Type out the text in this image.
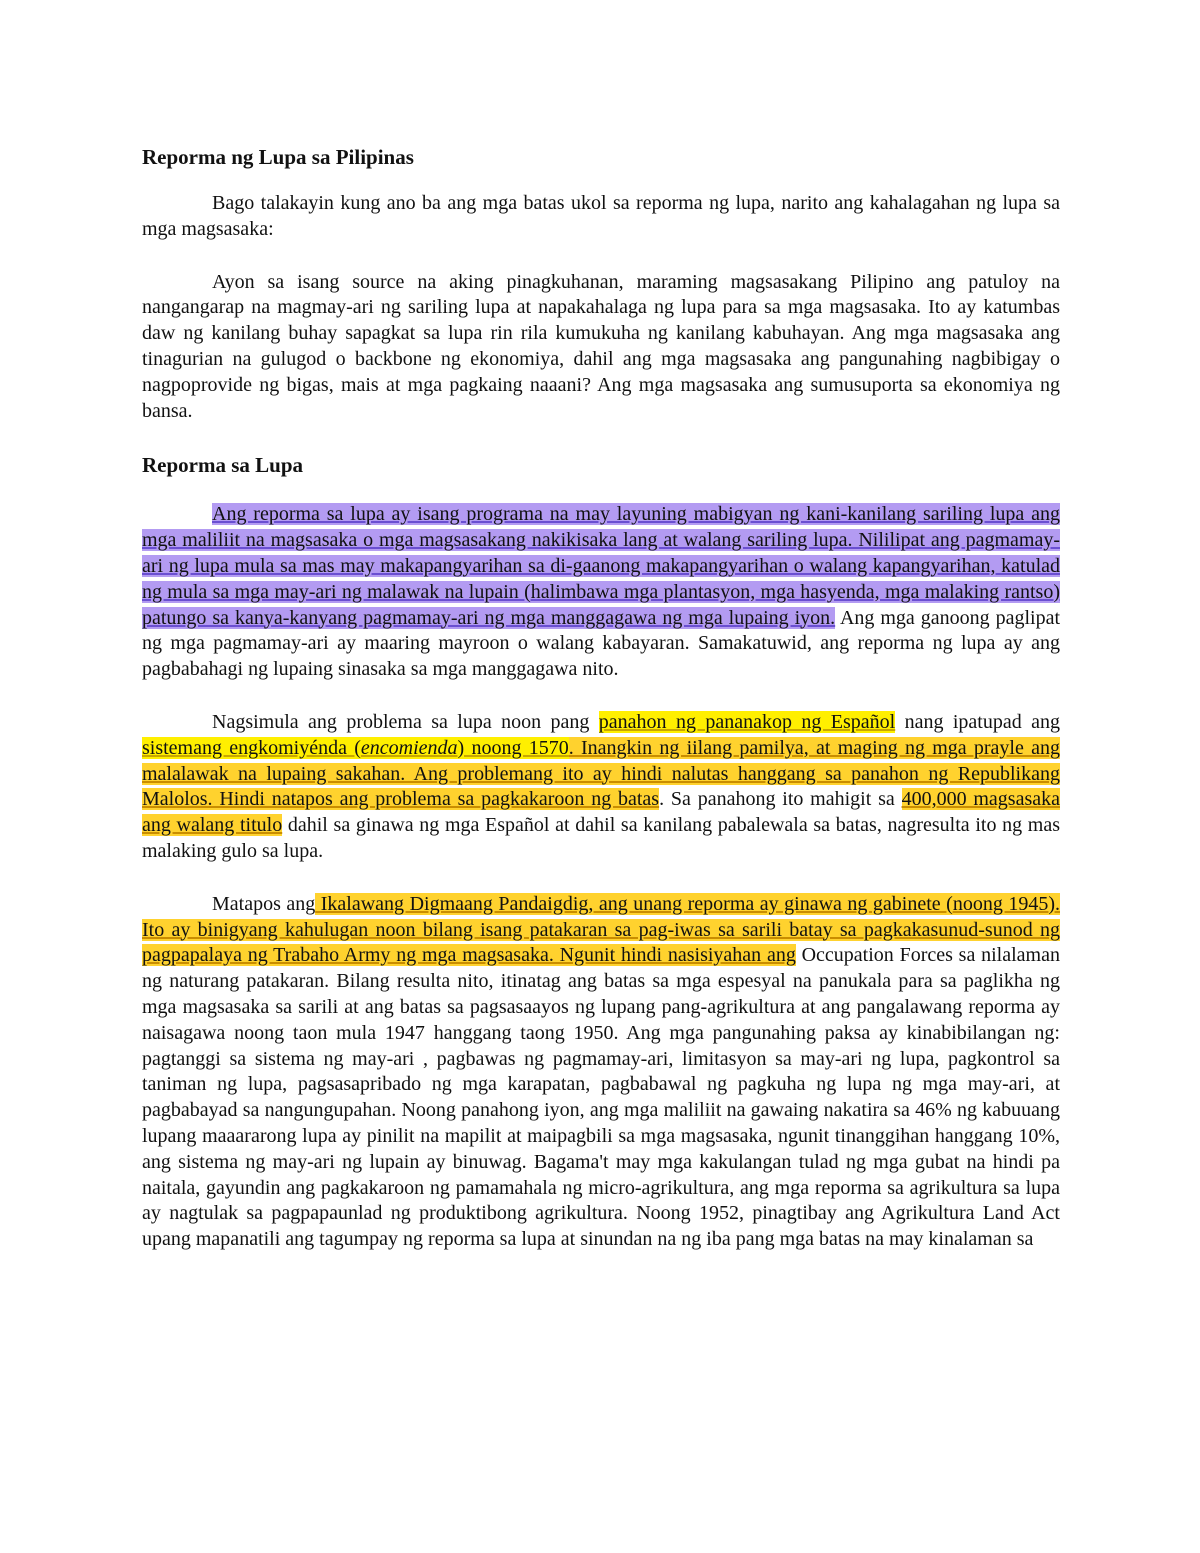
Reporma ng Lupa sa Pilipinas

Bago talakayin kung ano ba ang mga batas ukol sa reporma ng lupa, narito ang kahalagahan ng lupa sa mga magsasaka:

Ayon sa isang source na aking pinagkuhanan, maraming magsasakang Pilipino ang patuloy na nangangarap na magmay-ari ng sariling lupa at napakahalaga ng lupa para sa mga magsasaka. Ito ay katumbas daw ng kanilang buhay sapagkat sa lupa rin rila kumukuha ng kanilang kabuhayan. Ang mga magsasaka ang tinagurian na gulugod o backbone ng ekonomiya, dahil ang mga magsasaka ang pangunahing nagbibigay o nagpoprovide ng bigas, mais at mga pagkaing naaani? Ang mga magsasaka ang sumusuporta sa ekonomiya ng bansa.

Reporma sa Lupa

Ang reporma sa lupa ay isang programa na may layuning mabigyan ng kani-kanilang sariling lupa ang mga maliliit na magsasaka o mga magsasakang nakikisaka lang at walang sariling lupa. Nililipat ang pagmamay-ari ng lupa mula sa mas may makapangyarihan sa di-gaanong makapangyarihan o walang kapangyarihan, katulad ng mula sa mga may-ari ng malawak na lupain (halimbawa mga plantasyon, mga hasyenda, mga malaking rantso) patungo sa kanya-kanyang pagmamay-ari ng mga manggagawa ng mga lupaing iyon. Ang mga ganoong paglipat ng mga pagmamay-ari ay maaring mayroon o walang kabayaran. Samakatuwid, ang reporma ng lupa ay ang pagbabahagi ng lupaing sinasaka sa mga manggagawa nito.

Nagsimula ang problema sa lupa noon pang panahon ng pananakop ng Español nang ipatupad ang sistemang engkomiyénda (encomienda) noong 1570. Inangkin ng iilang pamilya, at maging ng mga prayle ang malalawak na lupaing sakahan. Ang problemang ito ay hindi nalutas hanggang sa panahon ng Republikang Malolos. Hindi natapos ang problema sa pagkakaroon ng batas. Sa panahong ito mahigit sa 400,000 magsasaka ang walang titulo dahil sa ginawa ng mga Español at dahil sa kanilang pabalewala sa batas, nagresulta ito ng mas malaking gulo sa lupa.

Matapos ang Ikalawang Digmaang Pandaigdig, ang unang reporma ay ginawa ng gabinete (noong 1945). Ito ay binigyang kahulugan noon bilang isang patakaran sa pag-iwas sa sarili batay sa pagkakasunud-sunod ng pagpapalaya ng Trabaho Army ng mga magsasaka. Ngunit hindi nasisiyahan ang Occupation Forces sa nilalaman ng naturang patakaran. Bilang resulta nito, itinatag ang batas sa mga espesyal na panukala para sa paglikha ng mga magsasaka sa sarili at ang batas sa pagsasaayos ng lupang pang-agrikultura at ang pangalawang reporma ay naisagawa noong taon mula 1947 hanggang taong 1950. Ang mga pangunahing paksa ay kinabibilangan ng: pagtanggi sa sistema ng may-ari , pagbawas ng pagmamay-ari, limitasyon sa may-ari ng lupa, pagkontrol sa taniman ng lupa, pagsasapribado ng mga karapatan, pagbabawal ng pagkuha ng lupa ng mga may-ari, at pagbabayad sa nangungupahan. Noong panahong iyon, ang mga maliliit na gawaing nakatira sa 46% ng kabuuang lupang maaararong lupa ay pinilit na mapilit at maipagbili sa mga magsasaka, ngunit tinanggihan hanggang 10%, ang sistema ng may-ari ng lupain ay binuwag. Bagama't may mga kakulangan tulad ng mga gubat na hindi pa naitala, gayundin ang pagkakaroon ng pamamahala ng micro-agrikultura, ang mga reporma sa agrikultura sa lupa ay nagtulak sa pagpapaunlad ng produktibong agrikultura. Noong 1952, pinagtibay ang Agrikultura Land Act upang mapanatili ang tagumpay ng reporma sa lupa at sinundan na ng iba pang mga batas na may kinalaman sa
